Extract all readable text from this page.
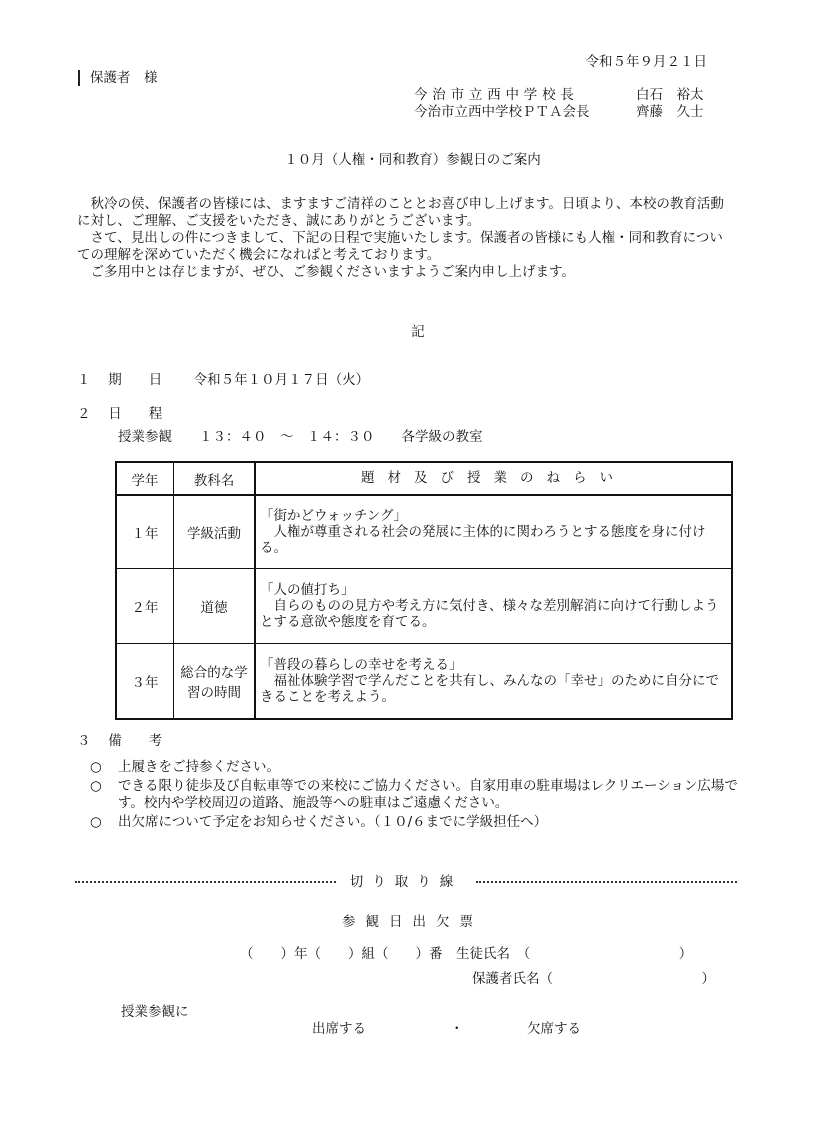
令和５年９月２１日
保護者　様
今治市立西中学校長	白石　裕太
今治市立西中学校ＰＴＡ会長	齊藤　久士
１０月（人権・同和教育）参観日のご案内

秋冷の侯、保護者の皆様には、ますますご清祥のこととお喜び申し上げます。日頃より、本校の教育活動に対し、ご理解、ご支援をいただき、誠にありがとうございます。

さて、見出しの件につきまして、下記の日程で実施いたします。保護者の皆様にも人権・同和教育についての理解を深めていただく機会になればと考えております。

ご多用中とは存じますが、ぜひ、ご参観くださいますようご案内申し上げます。

記
１　 期　　日　　 令和５年１０月１７日（火）
２　 日　　程
授業参観　　１３：４０　～　１４：３０　　各学級の教室
学年	教科名	題材及び授業のねらい
１年	学級活動	「街かどウォッチング」
人権が尊重される社会の発展に主体的に関わろうとする態度を身に付ける。

２年	道徳	「人の値打ち」
自らのものの見方や考え方に気付き、様々な差別解消に向けて行動しようとする意欲や態度を育てる。

３年	総合的な学習の時間	「普段の暮らしの幸せを考える」
福祉体験学習で学んだことを共有し、みんなの「幸せ」のために自分にできることを考えよう。
３　 備　　考
○	上履きをご持参ください。
○	できる限り徒歩及び自転車等での来校にご協力ください。自家用車の駐車場はレクリエーション広場です。校内や学校周辺の道路、施設等への駐車はご遠慮ください。
○	出欠席について予定をお知らせください。（１０/６までに学級担任へ）
切り取り線
参観日出欠票
（　　）年（　　）組（　　）番　生徒氏名　（　　　　　　　　　　　）
保護者氏名（　　　　　　　　　　　）
授業参観に
出席する	・	欠席する
